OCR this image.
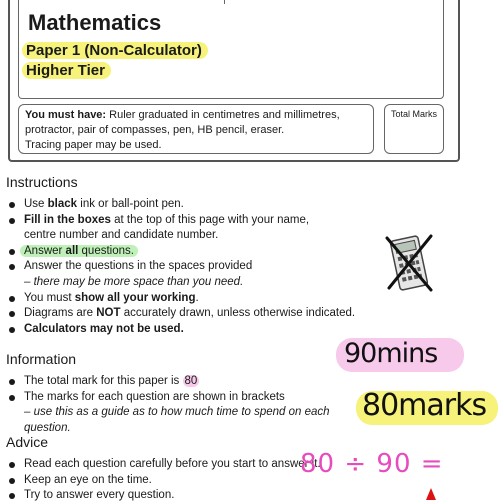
Mathematics
Paper 1 (Non-Calculator)
Higher Tier
You must have: Ruler graduated in centimetres and millimetres, protractor, pair of compasses, pen, HB pencil, eraser.
Tracing paper may be used.
Total Marks
Instructions
Use black ink or ball-point pen.
Fill in the boxes at the top of this page with your name,
centre number and candidate number.
Answer all questions.
Answer the questions in the spaces provided
– there may be more space than you need.
You must show all your working.
Diagrams are NOT accurately drawn, unless otherwise indicated.
Calculators may not be used.
Information
The total mark for this paper is 80
The marks for each question are shown in brackets
– use this as a guide as to how much time to spend on each question.
Advice
Read each question carefully before you start to answer it.
Keep an eye on the time.
Try to answer every question.
90mins
80marks
80 ÷ 90 =
